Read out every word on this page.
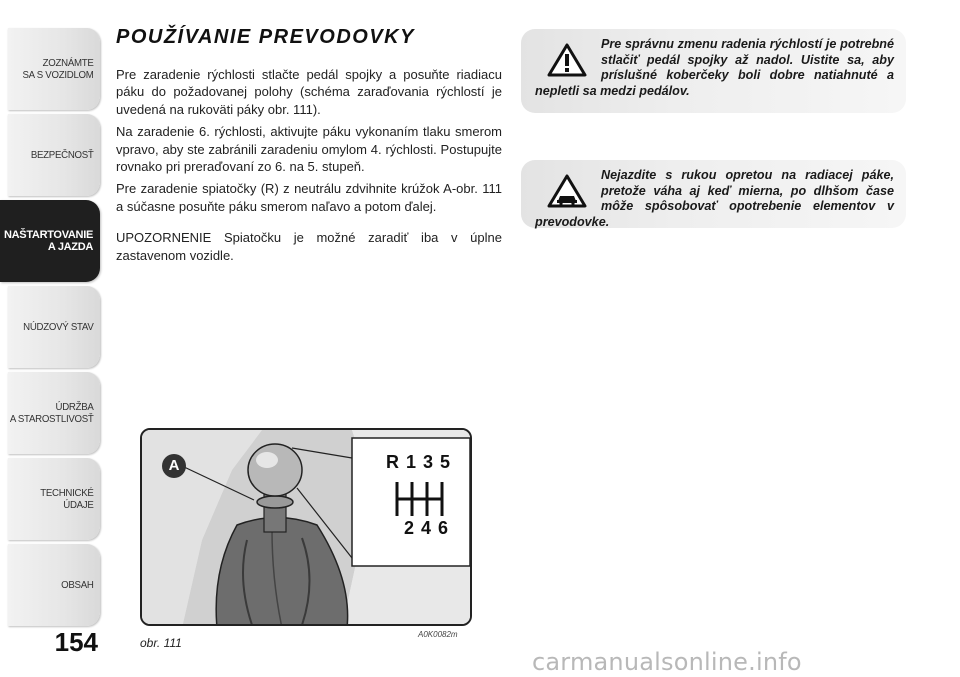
ZOZNÁMTE
SA S VOZIDLOM
BEZPEČNOSŤ
NAŠTARTOVANIE
A JAZDA
NÚDZOVÝ STAV
ÚDRŽBA
A STAROSTLIVOSŤ
TECHNICKÉ
ÚDAJE
OBSAH
154
POUŽÍVANIE PREVODOVKY

Pre zaradenie rýchlosti stlačte pedál spojky a posuňte riadiacu páku do požadovanej polohy (schéma zaraďovania rýchlostí je uvedená na rukoväti páky obr. 111).

Na zaradenie 6. rýchlosti, aktivujte páku vykonaním tlaku smerom vpravo, aby ste zabránili zaradeniu omylom 4. rýchlosti. Postupujte rovnako pri preraďovaní zo 6. na 5. stupeň.

Pre zaradenie spiatočky (R) z neutrálu zdvihnite krúžok A-obr. 111 a súčasne posuňte páku smerom naľavo a potom ďalej.

UPOZORNENIE Spiatočku je možné zaradiť iba v úplne zastavenom vozidle.

Pre správnu zmenu radenia rýchlostí je potrebné stlačiť pedál spojky až nadol. Uistite sa, aby príslušné koberčeky boli dobre natiahnuté a nepletli sa medzi pedálov.
Nejazdite s rukou opretou na radiacej páke, pretože váha aj keď mierna, po dlhšom čase môže spôsobovať opotrebenie elementov v prevodovke.
R 1 3 5
2 4 6
A
obr. 111
A0K0082m
carmanualsonline.info
